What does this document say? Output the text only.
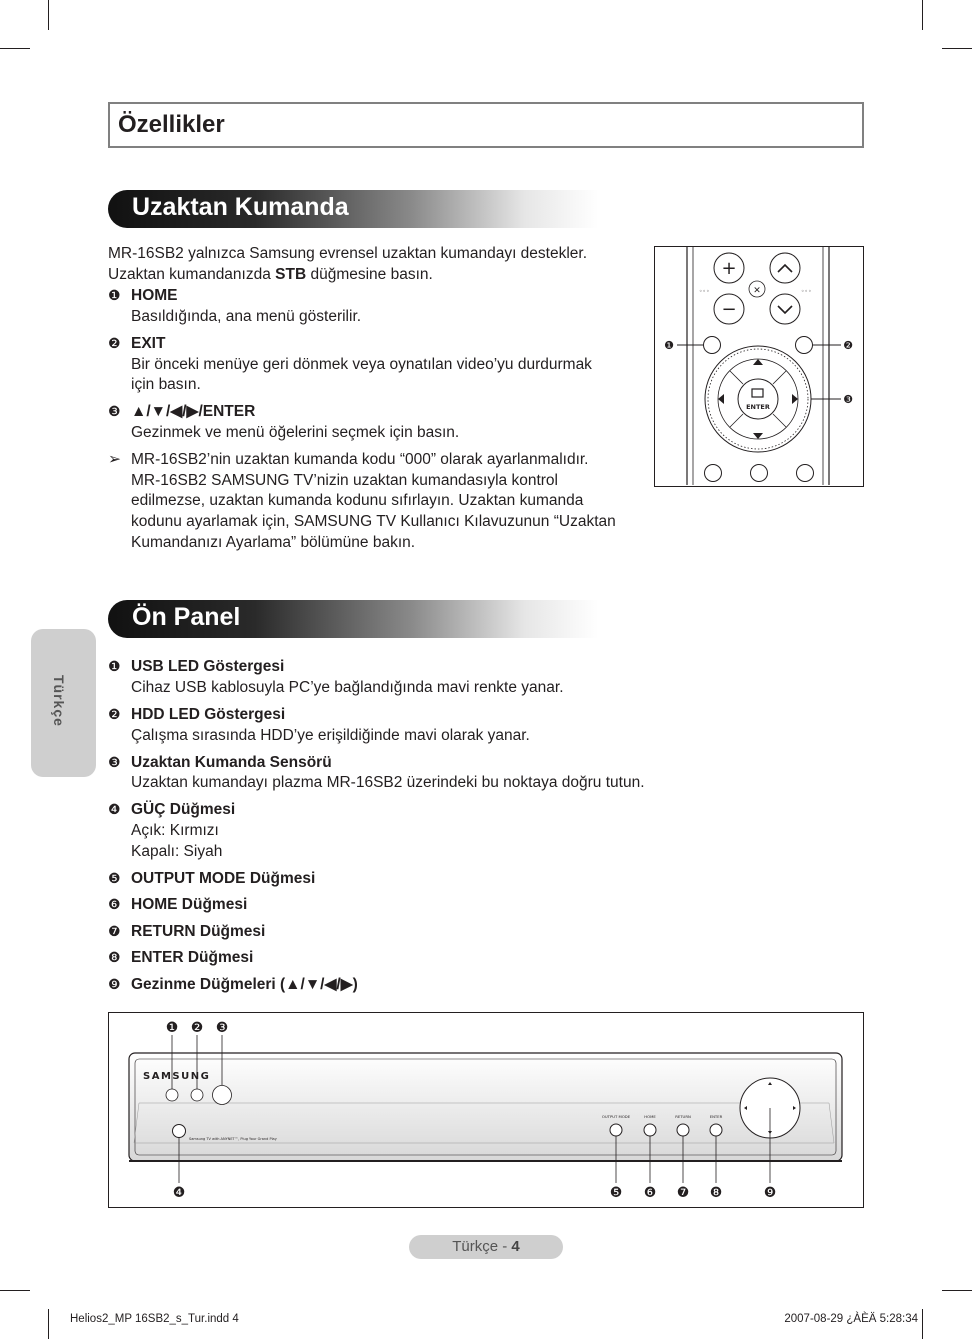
Özellikler
Uzaktan Kumanda
MR-16SB2 yalnızca Samsung evrensel uzaktan kumandayı destekler.
Uzaktan kumandanızda STB düğmesine basın.
❶ HOME
Basıldığında, ana menü gösterilir.
❷ EXIT
Bir önceki menüye geri dönmek veya oynatılan video’yu durdurmak
için basın.
❸ ▲/▼/◀/▶/ENTER
Gezinmek ve menü öğelerini seçmek için basın.
➢ MR-16SB2’nin uzaktan kumanda kodu “000” olarak ayarlanmalıdır.
MR-16SB2 SAMSUNG TV’nizin uzaktan kumandasıyla kontrol
edilmezse, uzaktan kumanda kodunu sıfırlayın. Uzaktan kumanda
kodunu ayarlamak için, SAMSUNG TV Kullanıcı Kılavuzunun “Uzaktan
Kumandanızı Ayarlama” bölümüne bakın.
+
−
✕
◦◦◦	◦◦◦
ENTER
❶	❷
❸
Ön Panel
❶ USB LED Göstergesi
Cihaz USB kablosuyla PC’ye bağlandığında mavi renkte yanar.
❷ HDD LED Göstergesi
Çalışma sırasında HDD’ye erişildiğinde mavi olarak yanar.
❸ Uzaktan Kumanda Sensörü
Uzaktan kumandayı plazma MR-16SB2 üzerindeki bu noktaya doğru tutun.
❹ GÜÇ Düğmesi
Açık: Kırmızı
Kapalı: Siyah
❺ OUTPUT MODE Düğmesi
❻ HOME Düğmesi
❼ RETURN Düğmesi
❽ ENTER Düğmesi
❾ Gezinme Düğmeleri (▲/▼/◀/▶)
SAMSUNG
Samsung TV with ANYNET™, Plug Your Grand Play
OUTPUT MODE	HOME	RETURN	ENTER
❶ ❷ ❸
❹	❺ ❻ ❼ ❽	❾
Türkçe
Türkçe - 4
Helios2_MP 16SB2_s_Tur.indd 4	2007-08-29 ¿ÀÈÄ 5:28:34
